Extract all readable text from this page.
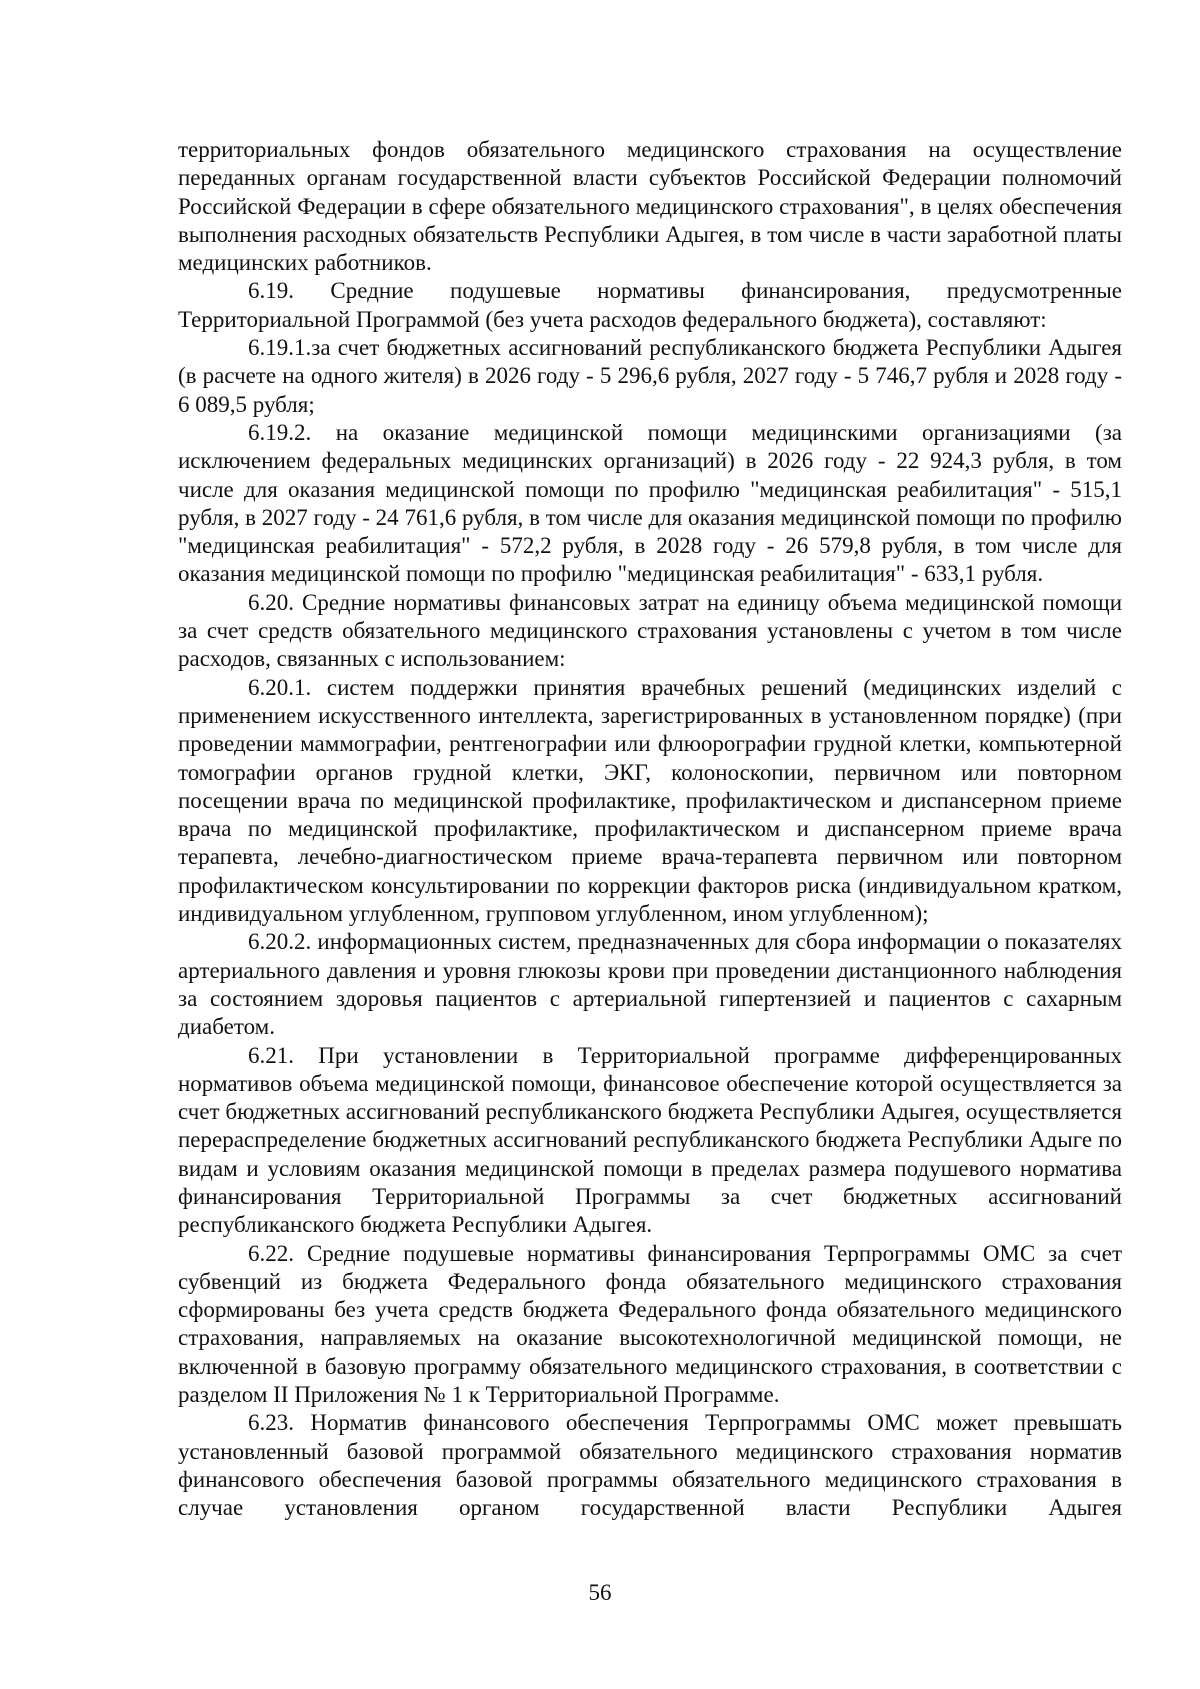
территориальных фондов обязательного медицинского страхования на осуществление переданных органам государственной власти субъектов Российской Федерации полномочий Российской Федерации в сфере обязательного медицинского страхования", в целях обеспечения выполнения расходных обязательств Республики Адыгея, в том числе в части заработной платы медицинских работников.

6.19. Средние подушевые нормативы финансирования, предусмотренные Территориальной Программой (без учета расходов федерального бюджета), составляют:

6.19.1.за счет бюджетных ассигнований республиканского бюджета Республики Адыгея (в расчете на одного жителя) в 2026 году - 5 296,6 рубля, 2027 году - 5 746,7 рубля и 2028 году - 6 089,5 рубля;

6.19.2. на оказание медицинской помощи медицинскими организациями (за исключением федеральных медицинских организаций) в 2026 году - 22 924,3 рубля, в том числе для оказания медицинской помощи по профилю "медицинская реабилитация" - 515,1 рубля, в 2027 году - 24 761,6 рубля, в том числе для оказания медицинской помощи по профилю "медицинская реабилитация" - 572,2 рубля, в 2028 году - 26 579,8 рубля, в том числе для оказания медицинской помощи по профилю "медицинская реабилитация" - 633,1 рубля.

6.20. Средние нормативы финансовых затрат на единицу объема медицинской помощи за счет средств обязательного медицинского страхования установлены с учетом в том числе расходов, связанных с использованием:

6.20.1. систем поддержки принятия врачебных решений (медицинских изделий с применением искусственного интеллекта, зарегистрированных в установленном порядке) (при проведении маммографии, рентгенографии или флюорографии грудной клетки, компьютерной томографии органов грудной клетки, ЭКГ, колоноскопии, первичном или повторном посещении врача по медицинской профилактике, профилактическом и диспансерном приеме врача по медицинской профилактике, профилактическом и диспансерном приеме врача терапевта, лечебно-диагностическом приеме врача-терапевта первичном или повторном профилактическом консультировании по коррекции факторов риска (индивидуальном кратком, индивидуальном углубленном, групповом углубленном, ином углубленном);

6.20.2. информационных систем, предназначенных для сбора информации о показателях артериального давления и уровня глюкозы крови при проведении дистанционного наблюдения за состоянием здоровья пациентов с артериальной гипертензией и пациентов с сахарным диабетом.

6.21. При установлении в Территориальной программе дифференцированных нормативов объема медицинской помощи, финансовое обеспечение которой осуществляется за счет бюджетных ассигнований республиканского бюджета Республики Адыгея, осуществляется перераспределение бюджетных ассигнований республиканского бюджета Республики Адыге по видам и условиям оказания медицинской помощи в пределах размера подушевого норматива финансирования Территориальной Программы за счет бюджетных ассигнований республиканского бюджета Республики Адыгея.

6.22. Средние подушевые нормативы финансирования Терпрограммы ОМС за счет субвенций из бюджета Федерального фонда обязательного медицинского страхования сформированы без учета средств бюджета Федерального фонда обязательного медицинского страхования, направляемых на оказание высокотехнологичной медицинской помощи, не включенной в базовую программу обязательного медицинского страхования, в соответствии с разделом II Приложения № 1 к Территориальной Программе.

6.23. Норматив финансового обеспечения Терпрограммы ОМС может превышать установленный базовой программой обязательного медицинского страхования норматив финансового обеспечения базовой программы обязательного медицинского страхования в случае установления органом государственной власти Республики Адыгея

56
